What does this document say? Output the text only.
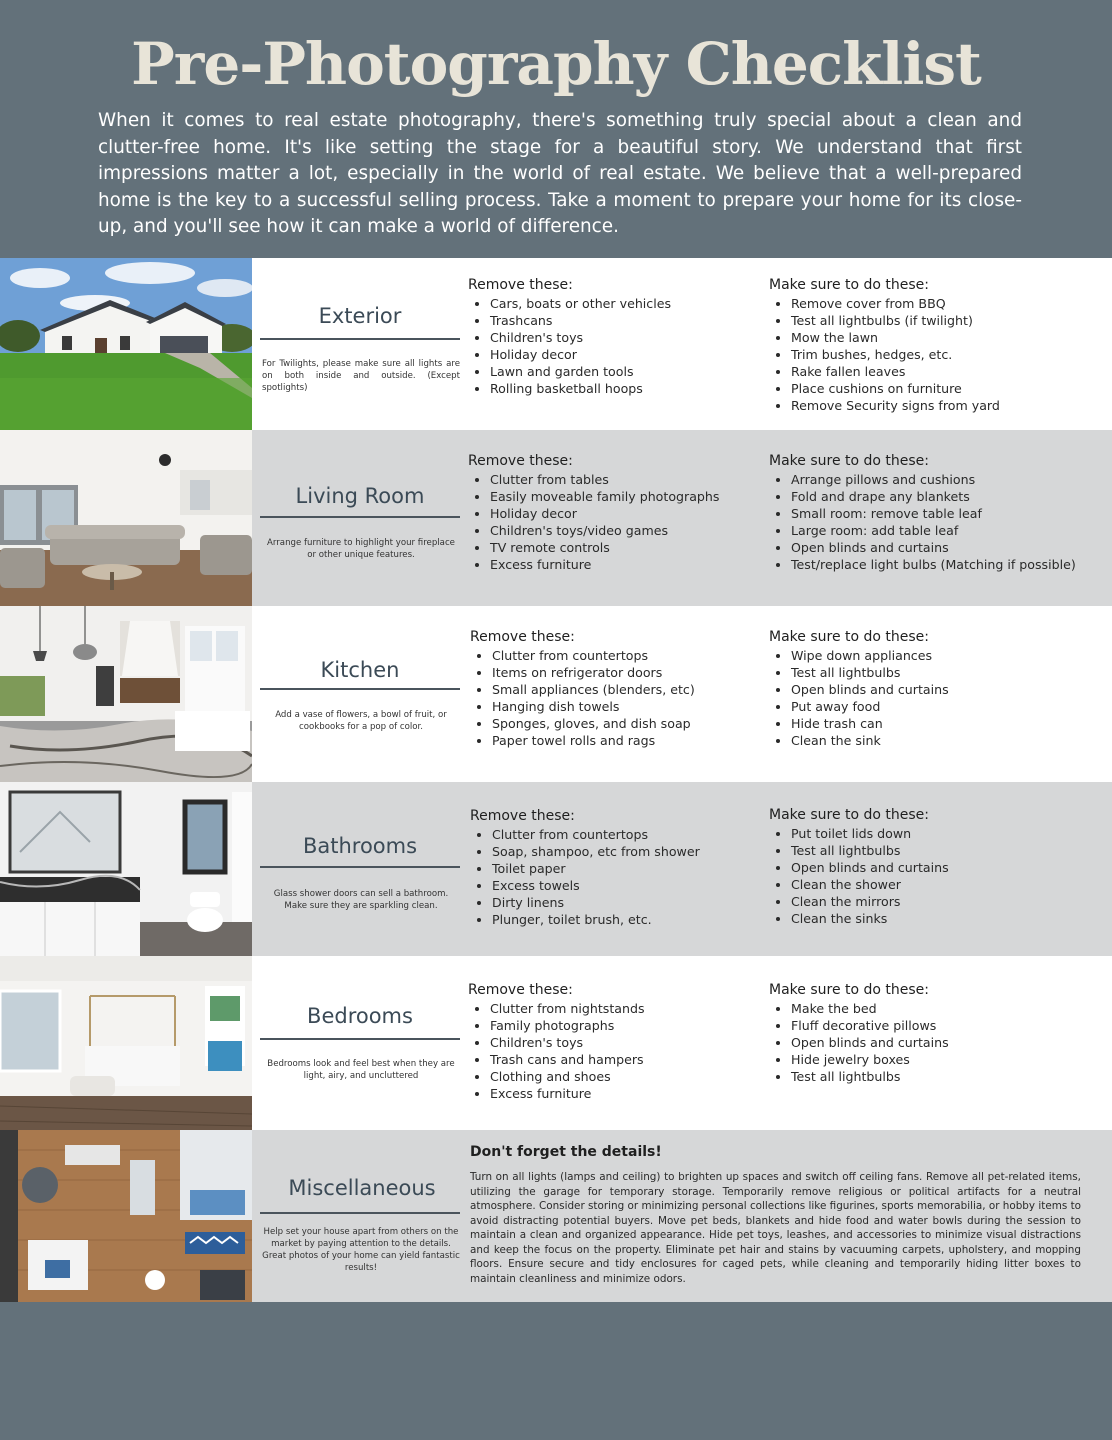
Pre-Photography Checklist
When it comes to real estate photography, there's something truly special about a clean and clutter-free home. It's like setting the stage for a beautiful story. We understand that first impressions matter a lot, especially in the world of real estate. We believe that a well-prepared home is the key to a successful selling process. Take a moment to prepare your home for its close-up, and you'll see how it can make a world of difference.
Exterior
For Twilights, please make sure all lights are on both inside and outside. (Except spotlights)
Remove these:
• Cars, boats or other vehicles
• Trashcans
• Children's toys
• Holiday decor
• Lawn and garden tools
• Rolling basketball hoops
Make sure to do these:
• Remove cover from BBQ
• Test all lightbulbs (if twilight)
• Mow the lawn
• Trim bushes, hedges, etc.
• Rake fallen leaves
• Place cushions on furniture
• Remove Security signs from yard
Living Room
Arrange furniture to highlight your fireplace or other unique features.
Remove these:
• Clutter from tables
• Easily moveable family photographs
• Holiday decor
• Children's toys/video games
• TV remote controls
• Excess furniture
Make sure to do these:
• Arrange pillows and cushions
• Fold and drape any blankets
• Small room: remove table leaf
• Large room: add table leaf
• Open blinds and curtains
• Test/replace light bulbs (Matching if possible)
Kitchen
Add a vase of flowers, a bowl of fruit, or cookbooks for a pop of color.
Remove these:
• Clutter from countertops
• Items on refrigerator doors
• Small appliances (blenders, etc)
• Hanging dish towels
• Sponges, gloves, and dish soap
• Paper towel rolls and rags
Make sure to do these:
• Wipe down appliances
• Test all lightbulbs
• Open blinds and curtains
• Put away food
• Hide trash can
• Clean the sink
Bathrooms
Glass shower doors can sell a bathroom. Make sure they are sparkling clean.
Remove these:
• Clutter from countertops
• Soap, shampoo, etc from shower
• Toilet paper
• Excess towels
• Dirty linens
• Plunger, toilet brush, etc.
Make sure to do these:
• Put toilet lids down
• Test all lightbulbs
• Open blinds and curtains
• Clean the shower
• Clean the mirrors
• Clean the sinks
Bedrooms
Bedrooms look and feel best when they are light, airy, and uncluttered
Remove these:
• Clutter from nightstands
• Family photographs
• Children's toys
• Trash cans and hampers
• Clothing and shoes
• Excess furniture
Make sure to do these:
• Make the bed
• Fluff decorative pillows
• Open blinds and curtains
• Hide jewelry boxes
• Test all lightbulbs
Miscellaneous
Help set your house apart from others on the market by paying attention to the details. Great photos of your home can yield fantastic results!
Don't forget the details!
Turn on all lights (lamps and ceiling) to brighten up spaces and switch off ceiling fans. Remove all pet-related items, utilizing the garage for temporary storage. Temporarily remove religious or political artifacts for a neutral atmosphere. Consider storing or minimizing personal collections like figurines, sports memorabilia, or hobby items to avoid distracting potential buyers. Move pet beds, blankets and hide food and water bowls during the session to maintain a clean and organized appearance. Hide pet toys, leashes, and accessories to minimize visual distractions and keep the focus on the property. Eliminate pet hair and stains by vacuuming carpets, upholstery, and mopping floors. Ensure secure and tidy enclosures for caged pets, while cleaning and temporarily hiding litter boxes to maintain cleanliness and minimize odors.
